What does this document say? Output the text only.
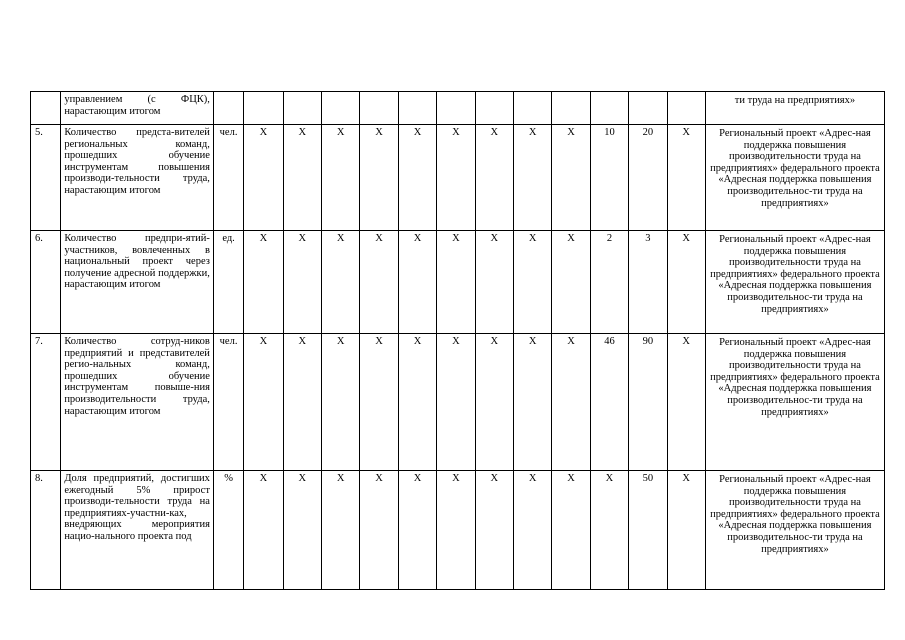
	управлением (с ФЦК), нарастающим итогом														ти труда на предприятиях»
5.	Количество предста-вителей региональных команд, прошедших обучение инструментам повышения производи-тельности труда, нарастающим итогом	чел.	X	X	X	X	X	X	X	X	X	10	20	X	Региональный проект «Адрес-ная поддержка повышения производительности труда на предприятиях» федерального проекта «Адресная поддержка повышения производительнос-ти труда на предприятиях»
6.	Количество предпри-ятий-участников, вовлеченных в национальный проект через получение адресной поддержки, нарастающим итогом	ед.	X	X	X	X	X	X	X	X	X	2	3	X	Региональный проект «Адрес-ная поддержка повышения производительности труда на предприятиях» федерального проекта «Адресная поддержка повышения производительнос-ти труда на предприятиях»
7.	Количество сотруд-ников предприятий и представителей регио-нальных команд, прошедших обучение инструментам повыше-ния производительности труда, нарастающим итогом	чел.	X	X	X	X	X	X	X	X	X	46	90	X	Региональный проект «Адрес-ная поддержка повышения производительности труда на предприятиях» федерального проекта «Адресная поддержка повышения производительнос-ти труда на предприятиях»
8.	Доля предприятий, достигших ежегодный 5% прирост производи-тельности труда на предприятиях-участни-ках, внедряющих мероприятия нацио-нального проекта под	%	X	X	X	X	X	X	X	X	X	X	50	X	Региональный проект «Адрес-ная поддержка повышения производительности труда на предприятиях» федерального проекта «Адресная поддержка повышения производительнос-ти труда на предприятиях»
